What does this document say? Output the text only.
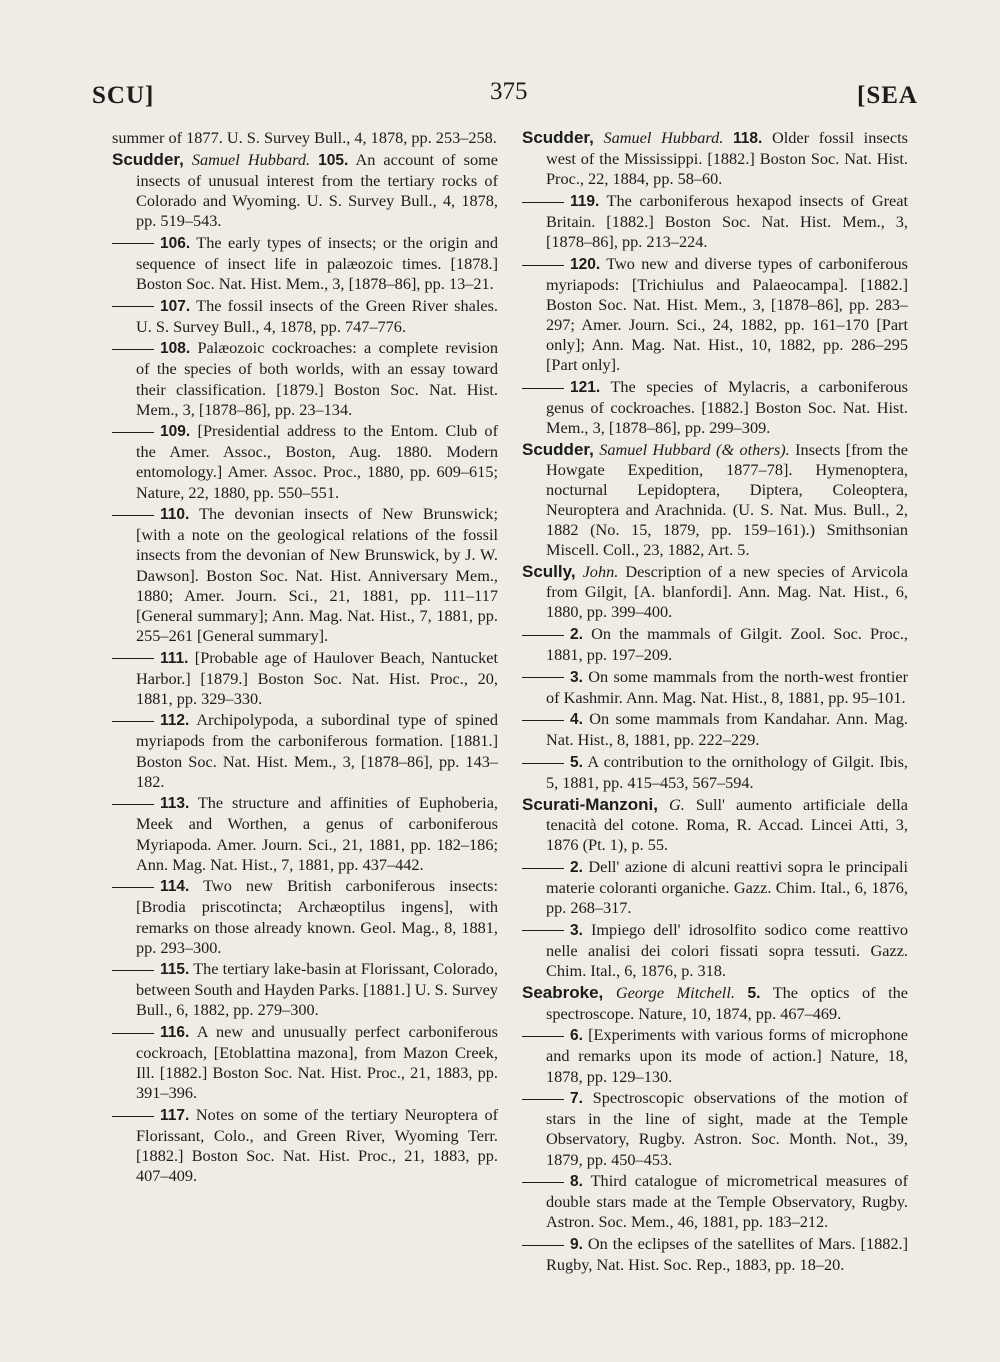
SCU]	375	[SEA

summer of 1877. U. S. Survey Bull., 4, 1878, pp. 253–258.

Scudder, Samuel Hubbard. 105. An account of some insects of unusual interest from the tertiary rocks of Colorado and Wyoming. U. S. Survey Bull., 4, 1878, pp. 519–543.

106. The early types of insects; or the origin and sequence of insect life in palæozoic times. [1878.] Boston Soc. Nat. Hist. Mem., 3, [1878–86], pp. 13–21.

107. The fossil insects of the Green River shales. U. S. Survey Bull., 4, 1878, pp. 747–776.

108. Palæozoic cockroaches: a complete revision of the species of both worlds, with an essay toward their classification. [1879.] Boston Soc. Nat. Hist. Mem., 3, [1878–86], pp. 23–134.

109. [Presidential address to the Entom. Club of the Amer. Assoc., Boston, Aug. 1880. Modern entomology.] Amer. Assoc. Proc., 1880, pp. 609–615; Nature, 22, 1880, pp. 550–551.

110. The devonian insects of New Brunswick; [with a note on the geological relations of the fossil insects from the devonian of New Brunswick, by J. W. Dawson]. Boston Soc. Nat. Hist. Anniversary Mem., 1880; Amer. Journ. Sci., 21, 1881, pp. 111–117 [General summary]; Ann. Mag. Nat. Hist., 7, 1881, pp. 255–261 [General summary].

111. [Probable age of Haulover Beach, Nantucket Harbor.] [1879.] Boston Soc. Nat. Hist. Proc., 20, 1881, pp. 329–330.

112. Archipolypoda, a subordinal type of spined myriapods from the carboniferous formation. [1881.] Boston Soc. Nat. Hist. Mem., 3, [1878–86], pp. 143–182.

113. The structure and affinities of Euphoberia, Meek and Worthen, a genus of carboniferous Myriapoda. Amer. Journ. Sci., 21, 1881, pp. 182–186; Ann. Mag. Nat. Hist., 7, 1881, pp. 437–442.

114. Two new British carboniferous insects: [Brodia priscotincta; Archæoptilus ingens], with remarks on those already known. Geol. Mag., 8, 1881, pp. 293–300.

115. The tertiary lake-basin at Florissant, Colorado, between South and Hayden Parks. [1881.] U. S. Survey Bull., 6, 1882, pp. 279–300.

116. A new and unusually perfect carboniferous cockroach, [Etoblattina mazona], from Mazon Creek, Ill. [1882.] Boston Soc. Nat. Hist. Proc., 21, 1883, pp. 391–396.

117. Notes on some of the tertiary Neuroptera of Florissant, Colo., and Green River, Wyoming Terr. [1882.] Boston Soc. Nat. Hist. Proc., 21, 1883, pp. 407–409.

Scudder, Samuel Hubbard. 118. Older fossil insects west of the Mississippi. [1882.] Boston Soc. Nat. Hist. Proc., 22, 1884, pp. 58–60.

119. The carboniferous hexapod insects of Great Britain. [1882.] Boston Soc. Nat. Hist. Mem., 3, [1878–86], pp. 213–224.

120. Two new and diverse types of carboniferous myriapods: [Trichiulus and Palaeocampa]. [1882.] Boston Soc. Nat. Hist. Mem., 3, [1878–86], pp. 283–297; Amer. Journ. Sci., 24, 1882, pp. 161–170 [Part only]; Ann. Mag. Nat. Hist., 10, 1882, pp. 286–295 [Part only].

121. The species of Mylacris, a carboniferous genus of cockroaches. [1882.] Boston Soc. Nat. Hist. Mem., 3, [1878–86], pp. 299–309.

Scudder, Samuel Hubbard (& others). Insects [from the Howgate Expedition, 1877–78]. Hymenoptera, nocturnal Lepidoptera, Diptera, Coleoptera, Neuroptera and Arachnida. (U. S. Nat. Mus. Bull., 2, 1882 (No. 15, 1879, pp. 159–161).) Smithsonian Miscell. Coll., 23, 1882, Art. 5.

Scully, John. Description of a new species of Arvicola from Gilgit, [A. blanfordi]. Ann. Mag. Nat. Hist., 6, 1880, pp. 399–400.

2. On the mammals of Gilgit. Zool. Soc. Proc., 1881, pp. 197–209.

3. On some mammals from the north-west frontier of Kashmir. Ann. Mag. Nat. Hist., 8, 1881, pp. 95–101.

4. On some mammals from Kandahar. Ann. Mag. Nat. Hist., 8, 1881, pp. 222–229.

5. A contribution to the ornithology of Gilgit. Ibis, 5, 1881, pp. 415–453, 567–594.

Scurati-Manzoni, G. Sull' aumento artificiale della tenacità del cotone. Roma, R. Accad. Lincei Atti, 3, 1876 (Pt. 1), p. 55.

2. Dell' azione di alcuni reattivi sopra le principali materie coloranti organiche. Gazz. Chim. Ital., 6, 1876, pp. 268–317.

3. Impiego dell' idrosolfito sodico come reattivo nelle analisi dei colori fissati sopra tessuti. Gazz. Chim. Ital., 6, 1876, p. 318.

Seabroke, George Mitchell. 5. The optics of the spectroscope. Nature, 10, 1874, pp. 467–469.

6. [Experiments with various forms of microphone and remarks upon its mode of action.] Nature, 18, 1878, pp. 129–130.

7. Spectroscopic observations of the motion of stars in the line of sight, made at the Temple Observatory, Rugby. Astron. Soc. Month. Not., 39, 1879, pp. 450–453.

8. Third catalogue of micrometrical measures of double stars made at the Temple Observatory, Rugby. Astron. Soc. Mem., 46, 1881, pp. 183–212.

9. On the eclipses of the satellites of Mars. [1882.] Rugby, Nat. Hist. Soc. Rep., 1883, pp. 18–20.
